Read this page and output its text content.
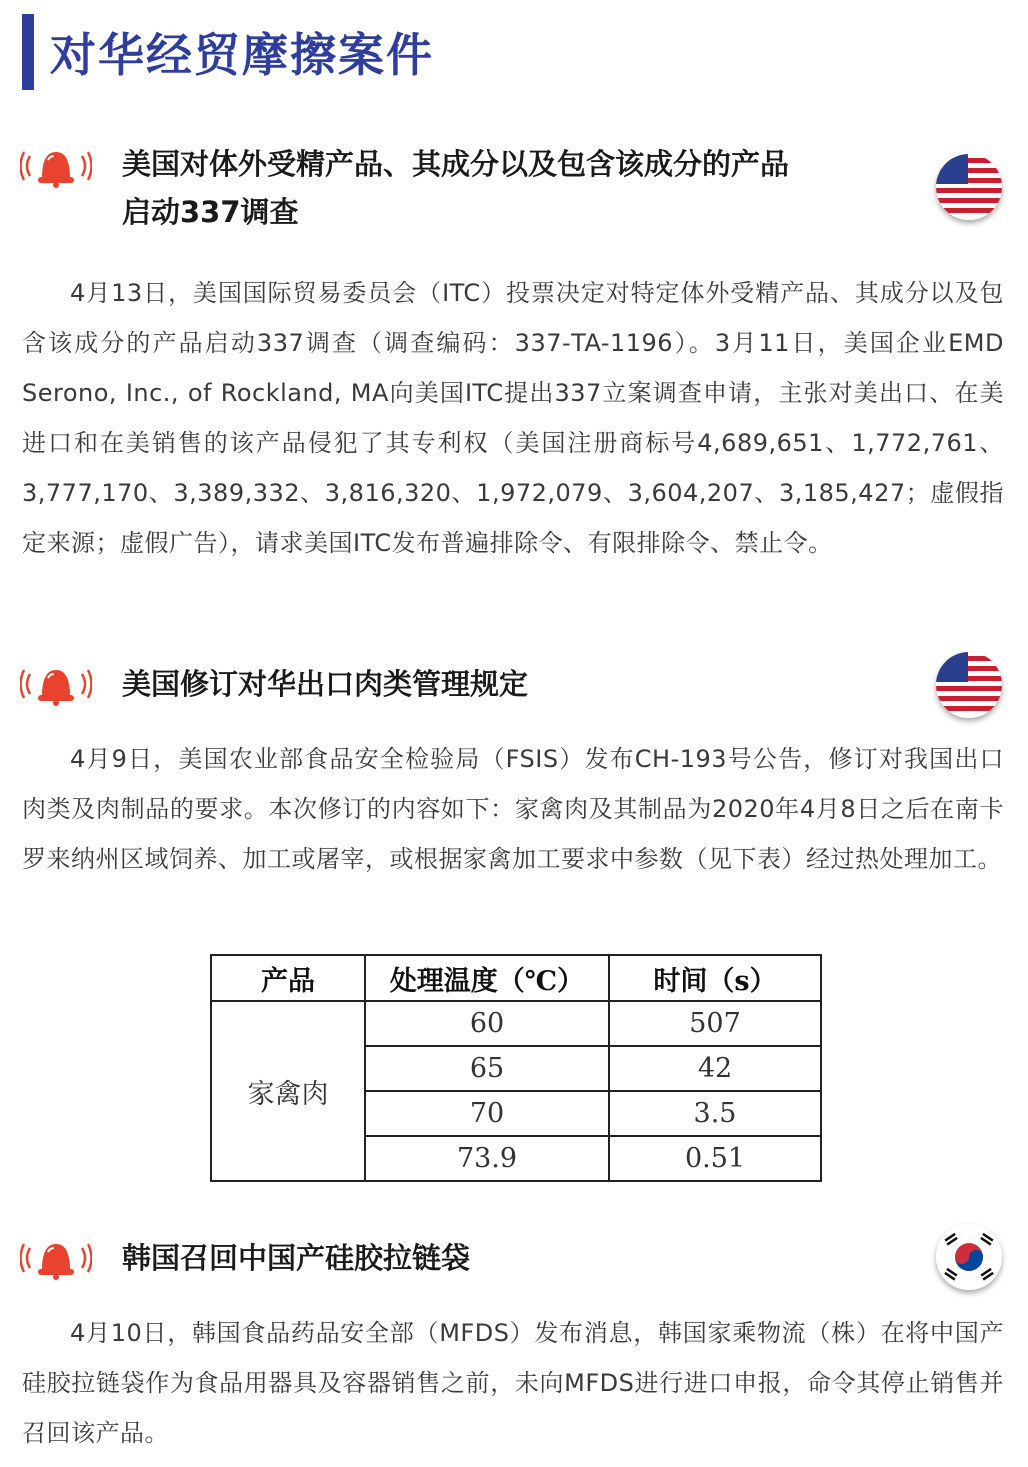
对华经贸摩擦案件
美国对体外受精产品、其成分以及包含该成分的产品
启动337调查
4月13日，美国国际贸易委员会（ITC）投票决定对特定体外受精产品、其成分以及包含该成分的产品启动337调查（调查编码：337-TA-1196）。3月11日，美国企业EMD Serono, Inc., of Rockland, MA向美国ITC提出337立案调查申请，主张对美出口、在美进口和在美销售的该产品侵犯了其专利权（美国注册商标号4,689,651、1,772,761、3,777,170、3,389,332、3,816,320、1,972,079、3,604,207、3,185,427；虚假指定来源；虚假广告），请求美国ITC发布普遍排除令、有限排除令、禁止令。
美国修订对华出口肉类管理规定
4月9日，美国农业部食品安全检验局（FSIS）发布CH-193号公告，修订对我国出口肉类及肉制品的要求。本次修订的内容如下：家禽肉及其制品为2020年4月8日之后在南卡罗来纳州区域饲养、加工或屠宰，或根据家禽加工要求中参数（见下表）经过热处理加工。
产品	处理温度（℃）	时间（s）
家禽肉	60	507
	65	42
	70	3.5
	73.9	0.51
韩国召回中国产硅胶拉链袋
4月10日，韩国食品药品安全部（MFDS）发布消息，韩国家乘物流（株）在将中国产硅胶拉链袋作为食品用器具及容器销售之前，未向MFDS进行进口申报，命令其停止销售并召回该产品。
